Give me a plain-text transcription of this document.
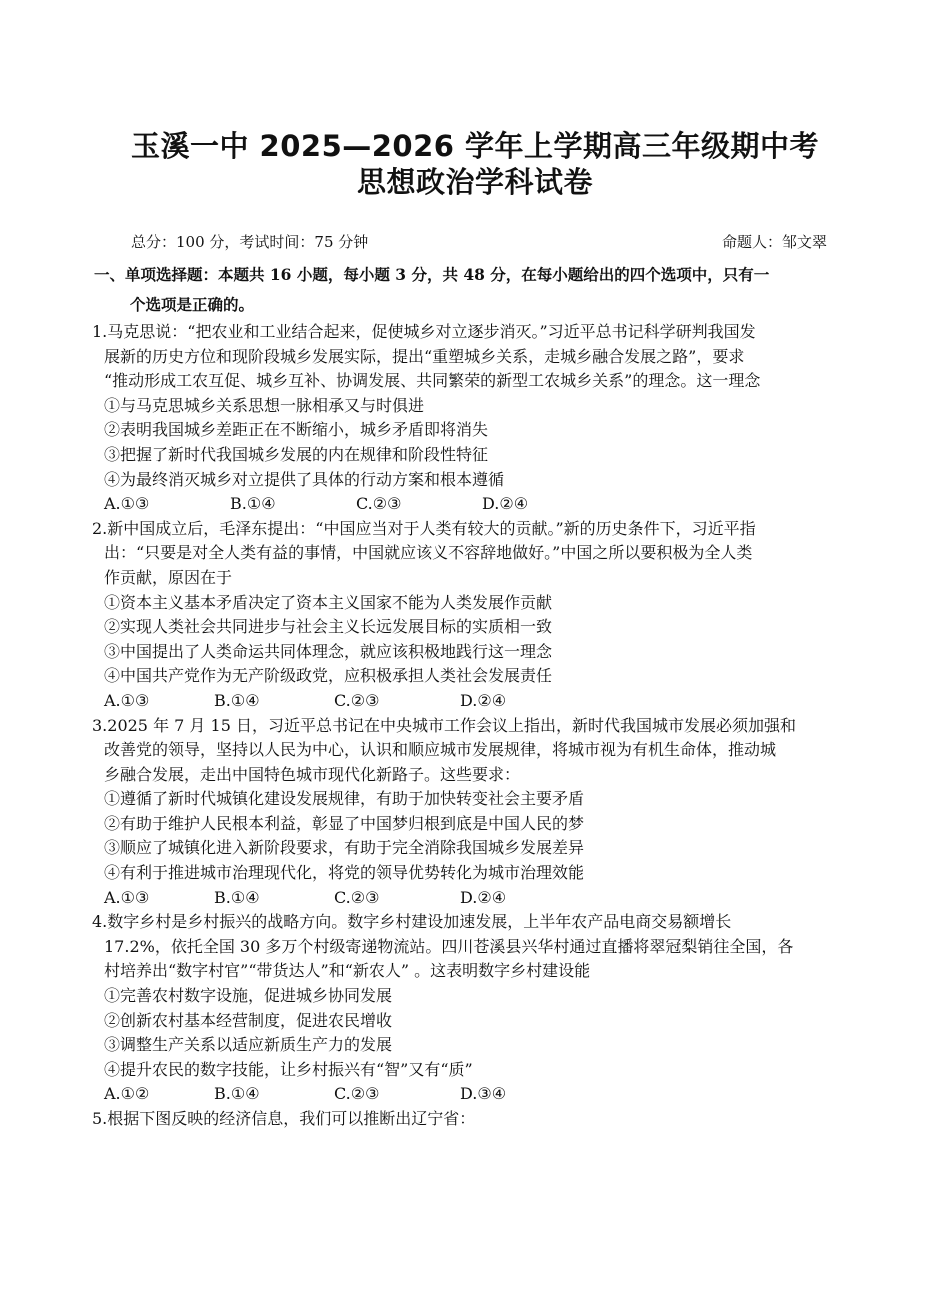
玉溪一中 2025—2026 学年上学期高三年级期中考
思想政治学科试卷
总分：100 分，考试时间：75 分钟	命题人：邹文翠
一、单项选择题：本题共 16 小题，每小题 3 分，共 48 分，在每小题给出的四个选项中，只有一
个选项是正确的。
1.马克思说：“把农业和工业结合起来，促使城乡对立逐步消灭。”习近平总书记科学研判我国发
展新的历史方位和现阶段城乡发展实际，提出“重塑城乡关系，走城乡融合发展之路”，要求
“推动形成工农互促、城乡互补、协调发展、共同繁荣的新型工农城乡关系”的理念。这一理念
①与马克思城乡关系思想一脉相承又与时俱进
②表明我国城乡差距正在不断缩小，城乡矛盾即将消失
③把握了新时代我国城乡发展的内在规律和阶段性特征
④为最终消灭城乡对立提供了具体的行动方案和根本遵循
A.①③	B.①④	C.②③	D.②④
2.新中国成立后，毛泽东提出：“中国应当对于人类有较大的贡献。”新的历史条件下，习近平指
出：“只要是对全人类有益的事情，中国就应该义不容辞地做好。”中国之所以要积极为全人类
作贡献，原因在于
①资本主义基本矛盾决定了资本主义国家不能为人类发展作贡献
②实现人类社会共同进步与社会主义长远发展目标的实质相一致
③中国提出了人类命运共同体理念，就应该积极地践行这一理念
④中国共产党作为无产阶级政党，应积极承担人类社会发展责任
A.①③	B.①④	C.②③	D.②④
3.2025 年 7 月 15 日，习近平总书记在中央城市工作会议上指出，新时代我国城市发展必须加强和
改善党的领导，坚持以人民为中心，认识和顺应城市发展规律，将城市视为有机生命体，推动城
乡融合发展，走出中国特色城市现代化新路子。这些要求：
①遵循了新时代城镇化建设发展规律，有助于加快转变社会主要矛盾
②有助于维护人民根本利益，彰显了中国梦归根到底是中国人民的梦
③顺应了城镇化进入新阶段要求，有助于完全消除我国城乡发展差异
④有利于推进城市治理现代化，将党的领导优势转化为城市治理效能
A.①③	B.①④	C.②③	D.②④
4.数字乡村是乡村振兴的战略方向。数字乡村建设加速发展，上半年农产品电商交易额增长
17.2%，依托全国 30 多万个村级寄递物流站。四川苍溪县兴华村通过直播将翠冠梨销往全国，各
村培养出“数字村官”“带货达人”和“新农人” 。这表明数字乡村建设能
①完善农村数字设施，促进城乡协同发展
②创新农村基本经营制度，促进农民增收
③调整生产关系以适应新质生产力的发展
④提升农民的数字技能，让乡村振兴有“智”又有“质”
A.①②	B.①④	C.②③	D.③④
5.根据下图反映的经济信息，我们可以推断出辽宁省：
